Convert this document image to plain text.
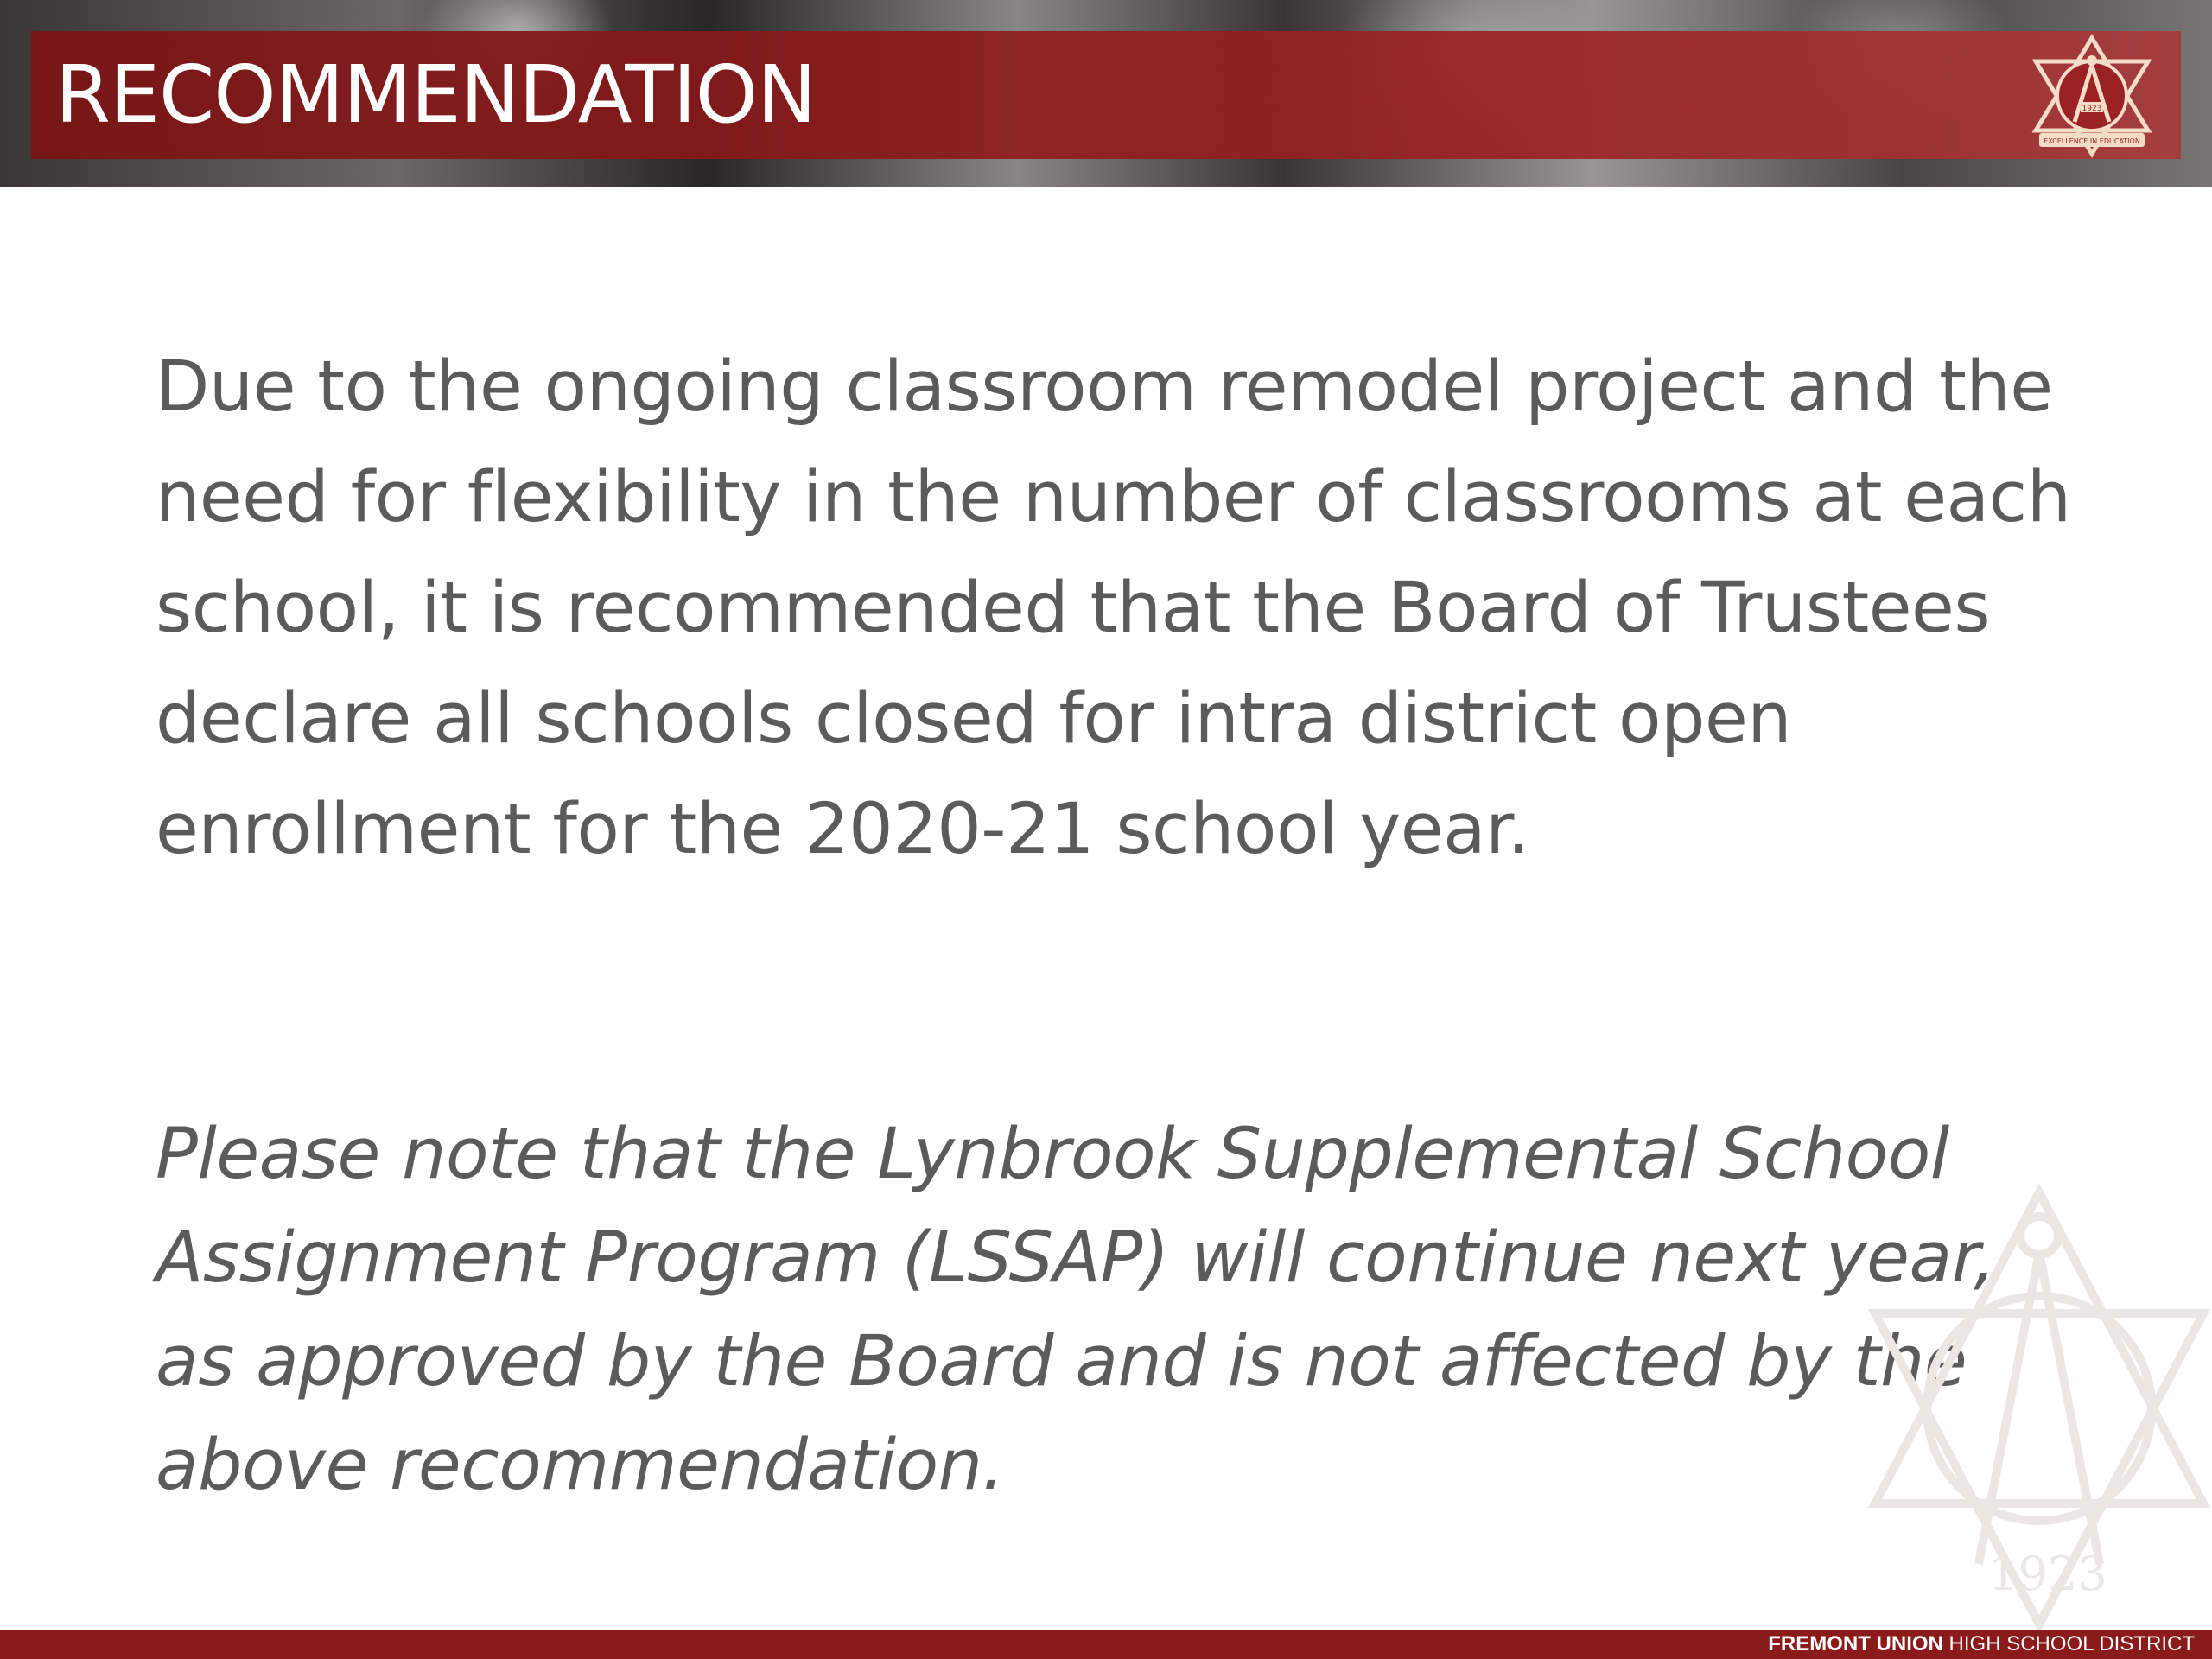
RECOMMENDATION	1923
EXCELLENCE IN EDUCATION

Due to the ongoing classroom remodel project and the need for flexibility in the number of classrooms at each school, it is recommended that the Board of Trustees declare all schools closed for intra district open enrollment for the 2020-21 school year.

Please note that the Lynbrook Supplemental School Assignment Program (LSSAP) will continue next year, as approved by the Board and is not affected by the above recommendation.

1923
FREMONT UNION HIGH SCHOOL DISTRICT
